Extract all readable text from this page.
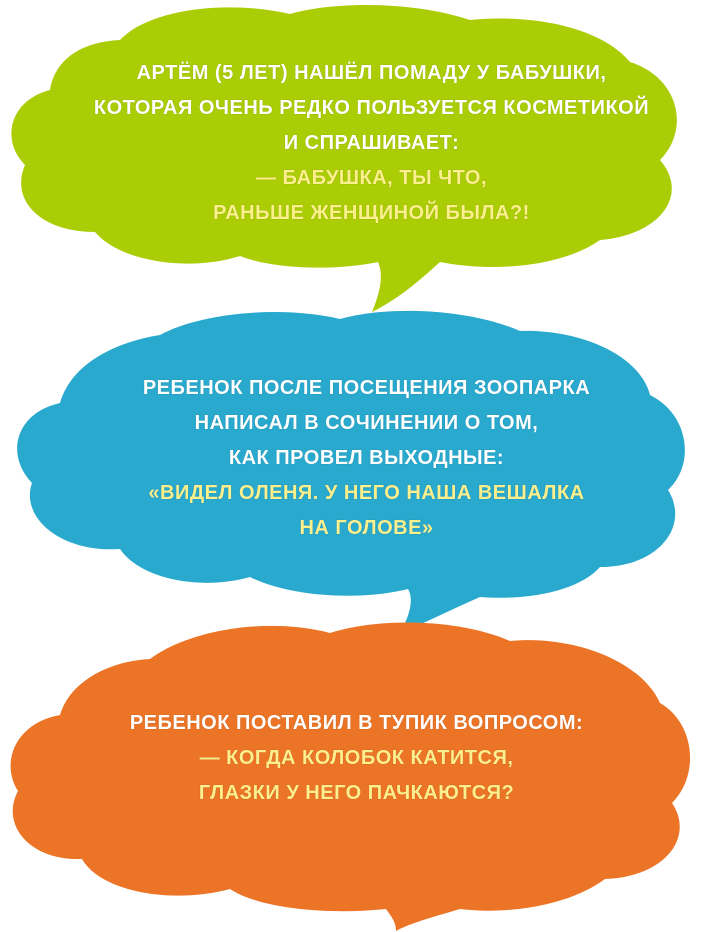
АРТЁМ (5 ЛЕТ) НАШЁЛ ПОМАДУ У БАБУШКИ,
КОТОРАЯ ОЧЕНЬ РЕДКО ПОЛЬЗУЕТСЯ КОСМЕТИКОЙ
И СПРАШИВАЕТ:
— БАБУШКА, ТЫ ЧТО,
РАНЬШЕ ЖЕНЩИНОЙ БЫЛА?!
РЕБЕНОК ПОСЛЕ ПОСЕЩЕНИЯ ЗООПАРКА
НАПИСАЛ В СОЧИНЕНИИ О ТОМ,
КАК ПРОВЕЛ ВЫХОДНЫЕ:
«ВИДЕЛ ОЛЕНЯ. У НЕГО НАША ВЕШАЛКА
НА ГОЛОВЕ»
РЕБЕНОК ПОСТАВИЛ В ТУПИК ВОПРОСОМ:
— КОГДА КОЛОБОК КАТИТСЯ,
ГЛАЗКИ У НЕГО ПАЧКАЮТСЯ?
